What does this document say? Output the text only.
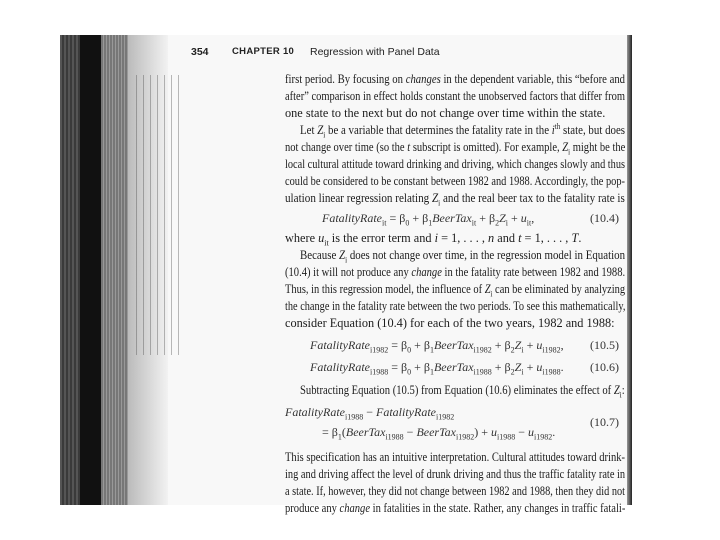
354 CHAPTER 10 Regression with Panel Data
first period. By focusing on changes in the dependent variable, this “before and
after” comparison in effect holds constant the unobserved factors that differ from
one state to the next but do not change over time within the state.
Let $Z_i$ be a variable that determines the fatality rate in the $i^{th}$ state, but does
not change over time (so the t subscript is omitted). For example, $Z_i$ might be the
local cultural attitude toward drinking and driving, which changes slowly and thus
could be considered to be constant between 1982 and 1988. Accordingly, the pop-
ulation linear regression relating $Z_i$ and the real beer tax to the fatality rate is
where $u_{it}$ is the error term and i = 1, . . . , n and t = 1, . . . , T.
Because $Z_i$ does not change over time, in the regression model in Equation
(10.4) it will not produce any change in the fatality rate between 1982 and 1988.
Thus, in this regression model, the influence of $Z_i$ can be eliminated by analyzing
the change in the fatality rate between the two periods. To see this mathematically,
consider Equation (10.4) for each of the two years, 1982 and 1988:
Subtracting Equation (10.5) from Equation (10.6) eliminates the effect of $Z_i$:
This specification has an intuitive interpretation. Cultural attitudes toward drink-
ing and driving affect the level of drunk driving and thus the traffic fatality rate in
a state. If, however, they did not change between 1982 and 1988, then they did not
produce any change in fatalities in the state. Rather, any changes in traffic fatali-
FatalityRate$_{it}$ = $\beta_0$ + $\beta_1BeerTax_{it} + \beta_2Z_i + u_{it}$,	(10.4)
FatalityRate$_{i1982}$ = $\beta_0$ + $\beta_1BeerTax_{i1982} + \beta_2Z_i + u_{i1982}$, (10.5)
FatalityRate$_{i1988}$ = $\beta_0$ + $\beta_1BeerTax_{i1988} + \beta_2Z_i + u_{i1988}$. (10.6)
FatalityRate$_{i1988}$ − FatalityRate$_{i1982}$
= $\beta_1(BeerTax_{i1988}$ − BeerTax$_{i1982}$) + $u_{i1988} - u_{i1982}$.
(10.7)
